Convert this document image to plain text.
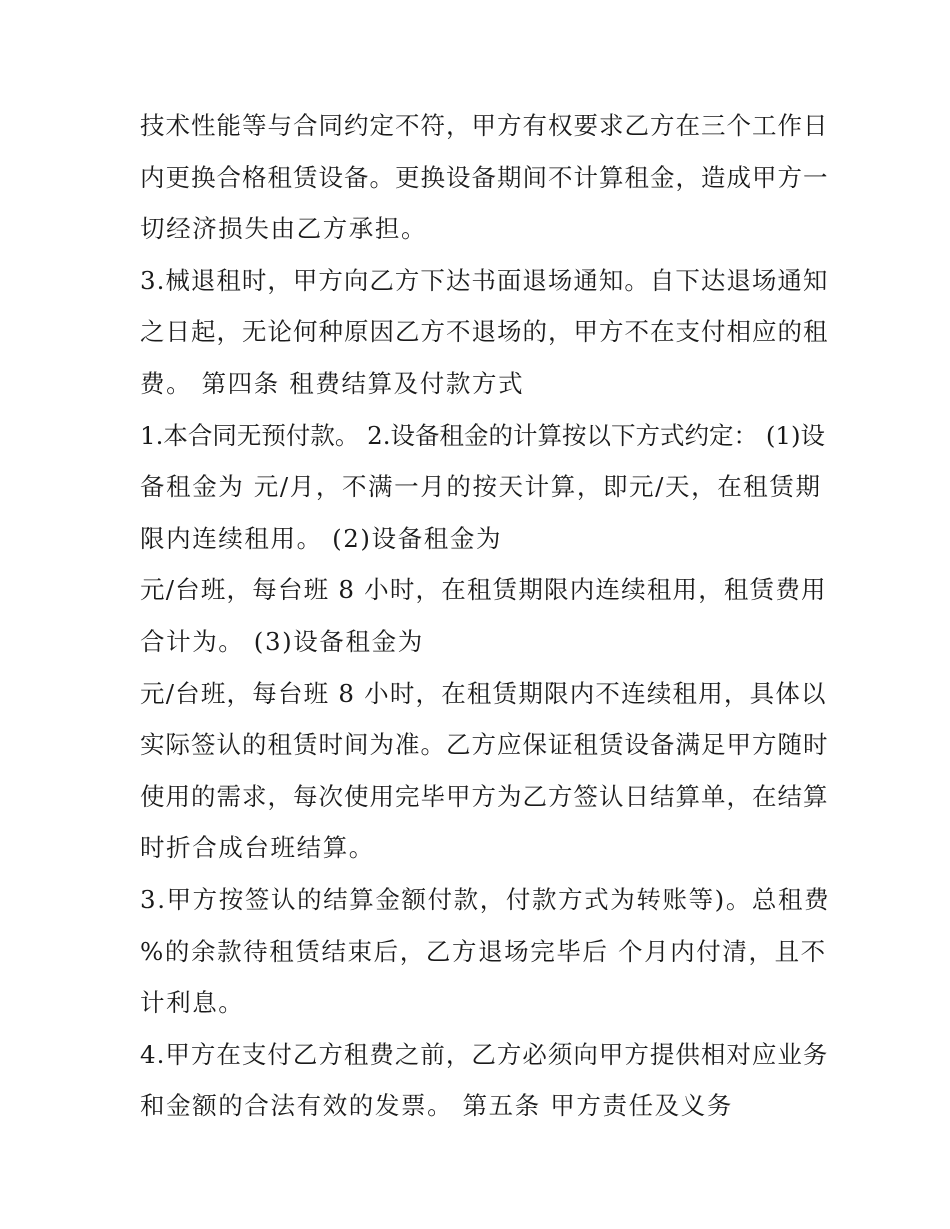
技术性能等与合同约定不符，甲方有权要求乙方在三个工作日
内更换合格租赁设备。更换设备期间不计算租金，造成甲方一
切经济损失由乙方承担。
3.械退租时，甲方向乙方下达书面退场通知。自下达退场通知
之日起，无论何种原因乙方不退场的，甲方不在支付相应的租
费。 第四条 租费结算及付款方式
1.本合同无预付款。 2.设备租金的计算按以下方式约定： (1)设
备租金为 元/月，不满一月的按天计算，即元/天，在租赁期
限内连续租用。 (2)设备租金为
元/台班，每台班 8 小时，在租赁期限内连续租用，租赁费用
合计为。 (3)设备租金为
元/台班，每台班 8 小时，在租赁期限内不连续租用，具体以
实际签认的租赁时间为准。乙方应保证租赁设备满足甲方随时
使用的需求，每次使用完毕甲方为乙方签认日结算单，在结算
时折合成台班结算。
3.甲方按签认的结算金额付款，付款方式为转账等)。总租费
%的余款待租赁结束后，乙方退场完毕后 个月内付清，且不
计利息。
4.甲方在支付乙方租费之前，乙方必须向甲方提供相对应业务
和金额的合法有效的发票。 第五条 甲方责任及义务
